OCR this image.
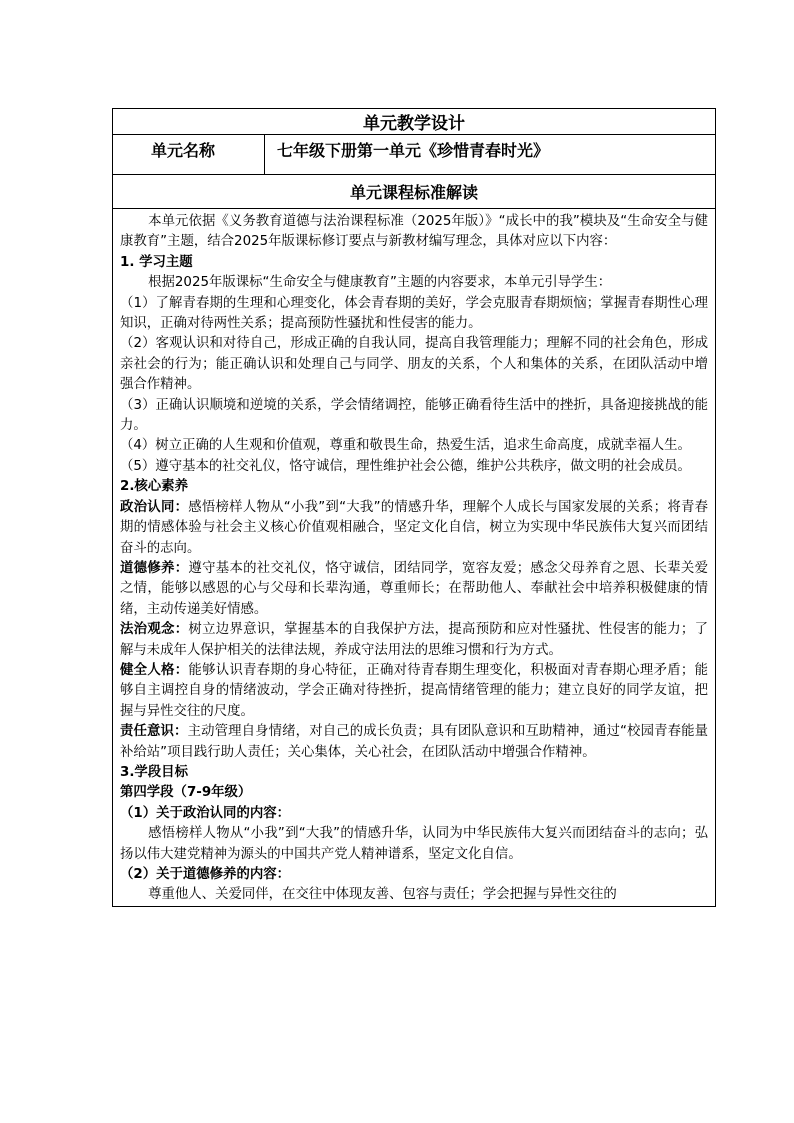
单元教学设计
单元名称	七年级下册第一单元《珍惜青春时光》
单元课程标准解读

本单元依据《义务教育道德与法治课程标准（2025年版）》“成长中的我”模块及“生命安全与健康教育”主题，结合2025年版课标修订要点与新教材编写理念，具体对应以下内容：

1. 学习主题

根据2025年版课标“生命安全与健康教育”主题的内容要求，本单元引导学生：

（1）了解青春期的生理和心理变化，体会青春期的美好，学会克服青春期烦恼；掌握青春期性心理知识，正确对待两性关系；提高预防性骚扰和性侵害的能力。

（2）客观认识和对待自己，形成正确的自我认同，提高自我管理能力；理解不同的社会角色，形成亲社会的行为；能正确认识和处理自己与同学、朋友的关系，个人和集体的关系，在团队活动中增强合作精神。

（3）正确认识顺境和逆境的关系，学会情绪调控，能够正确看待生活中的挫折，具备迎接挑战的能力。

（4）树立正确的人生观和价值观，尊重和敬畏生命，热爱生活，追求生命高度，成就幸福人生。

（5）遵守基本的社交礼仪，恪守诚信，理性维护社会公德，维护公共秩序，做文明的社会成员。

2.核心素养

政治认同：感悟榜样人物从“小我”到“大我”的情感升华，理解个人成长与国家发展的关系；将青春期的情感体验与社会主义核心价值观相融合，坚定文化自信，树立为实现中华民族伟大复兴而团结奋斗的志向。

道德修养：遵守基本的社交礼仪，恪守诚信，团结同学，宽容友爱；感念父母养育之恩、长辈关爱之情，能够以感恩的心与父母和长辈沟通，尊重师长；在帮助他人、奉献社会中培养积极健康的情绪，主动传递美好情感。

法治观念：树立边界意识，掌握基本的自我保护方法，提高预防和应对性骚扰、性侵害的能力；了解与未成年人保护相关的法律法规，养成守法用法的思维习惯和行为方式。

健全人格：能够认识青春期的身心特征，正确对待青春期生理变化，积极面对青春期心理矛盾；能够自主调控自身的情绪波动，学会正确对待挫折，提高情绪管理的能力；建立良好的同学友谊，把握与异性交往的尺度。

责任意识：主动管理自身情绪，对自己的成长负责；具有团队意识和互助精神，通过“校园青春能量补给站”项目践行助人责任；关心集体，关心社会，在团队活动中增强合作精神。

3.学段目标

第四学段（7-9年级）

（1）关于政治认同的内容：

感悟榜样人物从“小我”到“大我”的情感升华，认同为中华民族伟大复兴而团结奋斗的志向；弘扬以伟大建党精神为源头的中国共产党人精神谱系，坚定文化自信。

（2）关于道德修养的内容：

尊重他人、关爱同伴，在交往中体现友善、包容与责任；学会把握与异性交往的
